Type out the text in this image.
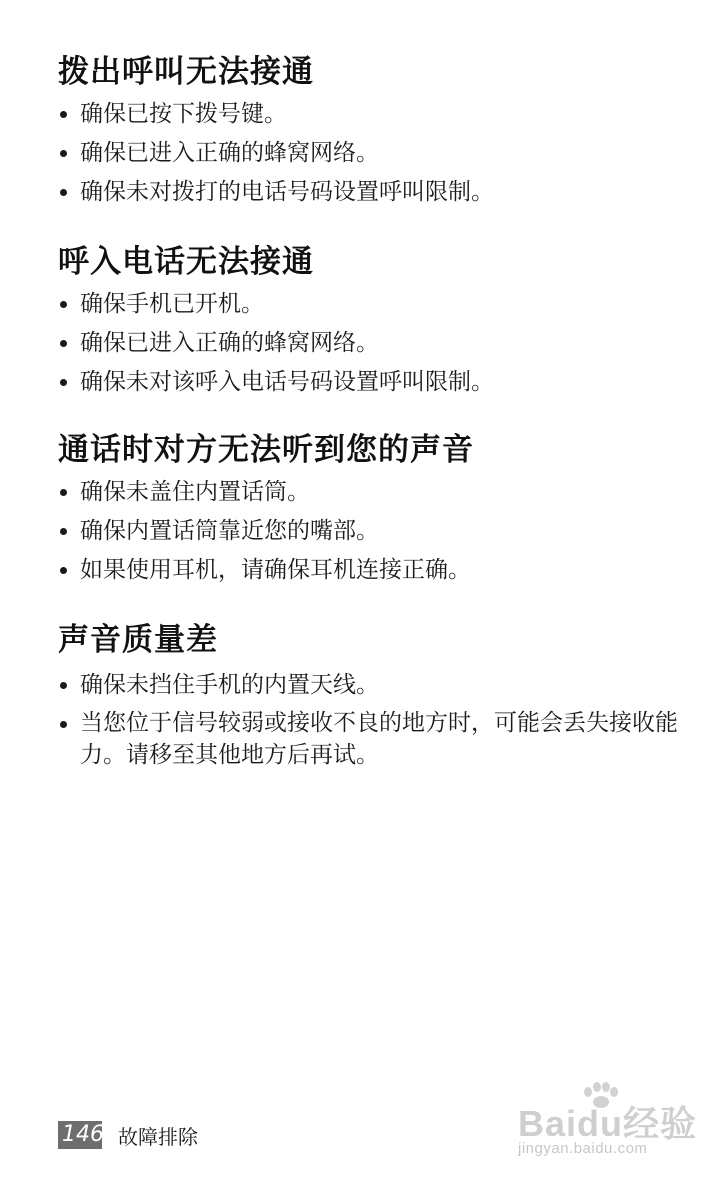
拨出呼叫无法接通
确保已按下拨号键。
确保已进入正确的蜂窝网络。
确保未对拨打的电话号码设置呼叫限制。
呼入电话无法接通
确保手机已开机。
确保已进入正确的蜂窝网络。
确保未对该呼入电话号码设置呼叫限制。
通话时对方无法听到您的声音
确保未盖住内置话筒。
确保内置话筒靠近您的嘴部。
如果使用耳机，请确保耳机连接正确。
声音质量差
确保未挡住手机的内置天线。
当您位于信号较弱或接收不良的地方时，可能会丢失接收能力。请移至其他地方后再试。
146 故障排除	Baidu经验
jingyan.baidu.com
